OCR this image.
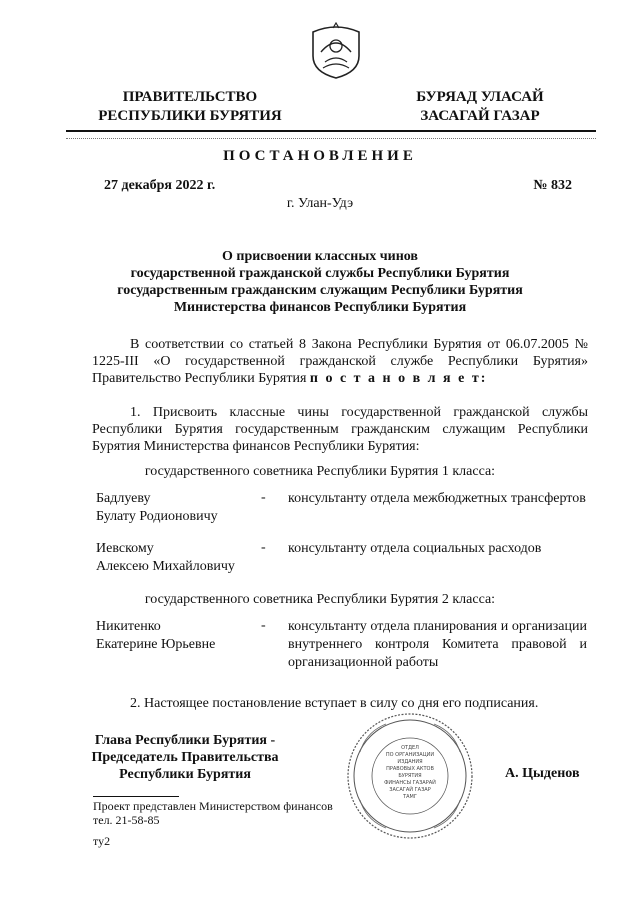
ПРАВИТЕЛЬСТВО
РЕСПУБЛИКИ БУРЯТИЯ
БУРЯАД УЛАСАЙ
ЗАСАГАЙ ГАЗАР
ПОСТАНОВЛЕНИЕ
27 декабря 2022 г.	№ 832
г. Улан-Удэ
О присвоении классных чинов
государственной гражданской службы Республики Бурятия
государственным гражданским служащим Республики Бурятия
Министерства финансов Республики Бурятия
В соответствии со статьей 8 Закона Республики Бурятия от 06.07.2005 № 1225-III «О государственной гражданской службе Республики Бурятия» Правительство Республики Бурятия п о с т а н о в л я е т:
1. Присвоить классные чины государственной гражданской службы Республики Бурятия государственным гражданским служащим Республики Бурятия Министерства финансов Республики Бурятия:
государственного советника Республики Бурятия 1 класса:
Бадлуеву
Булату Родионовичу
- консультанту отдела межбюджетных трансфертов
Иевскому
Алексею Михайловичу
- консультанту отдела социальных расходов
государственного советника Республики Бурятия 2 класса:
Никитенко
Екатерине Юрьевне
- консультанту отдела планирования и организации внутреннего контроля Комитета правовой и организационной работы
2. Настоящее постановление вступает в силу со дня его подписания.
Глава Республики Бурятия -
Председатель Правительства
Республики Бурятия
ОТДЕЛ
ПО ОРГАНИЗАЦИИ
ИЗДАНИЯ
ПРАВОВЫХ АКТОВ
БУРЯТИЯ
ФИНАНСЫ ГАЗАРАЙ
ЗАСАГАЙ ГАЗАР
ТАМГ
А. Цыденов
Проект представлен Министерством финансов
тел. 21-58-85
ту2
